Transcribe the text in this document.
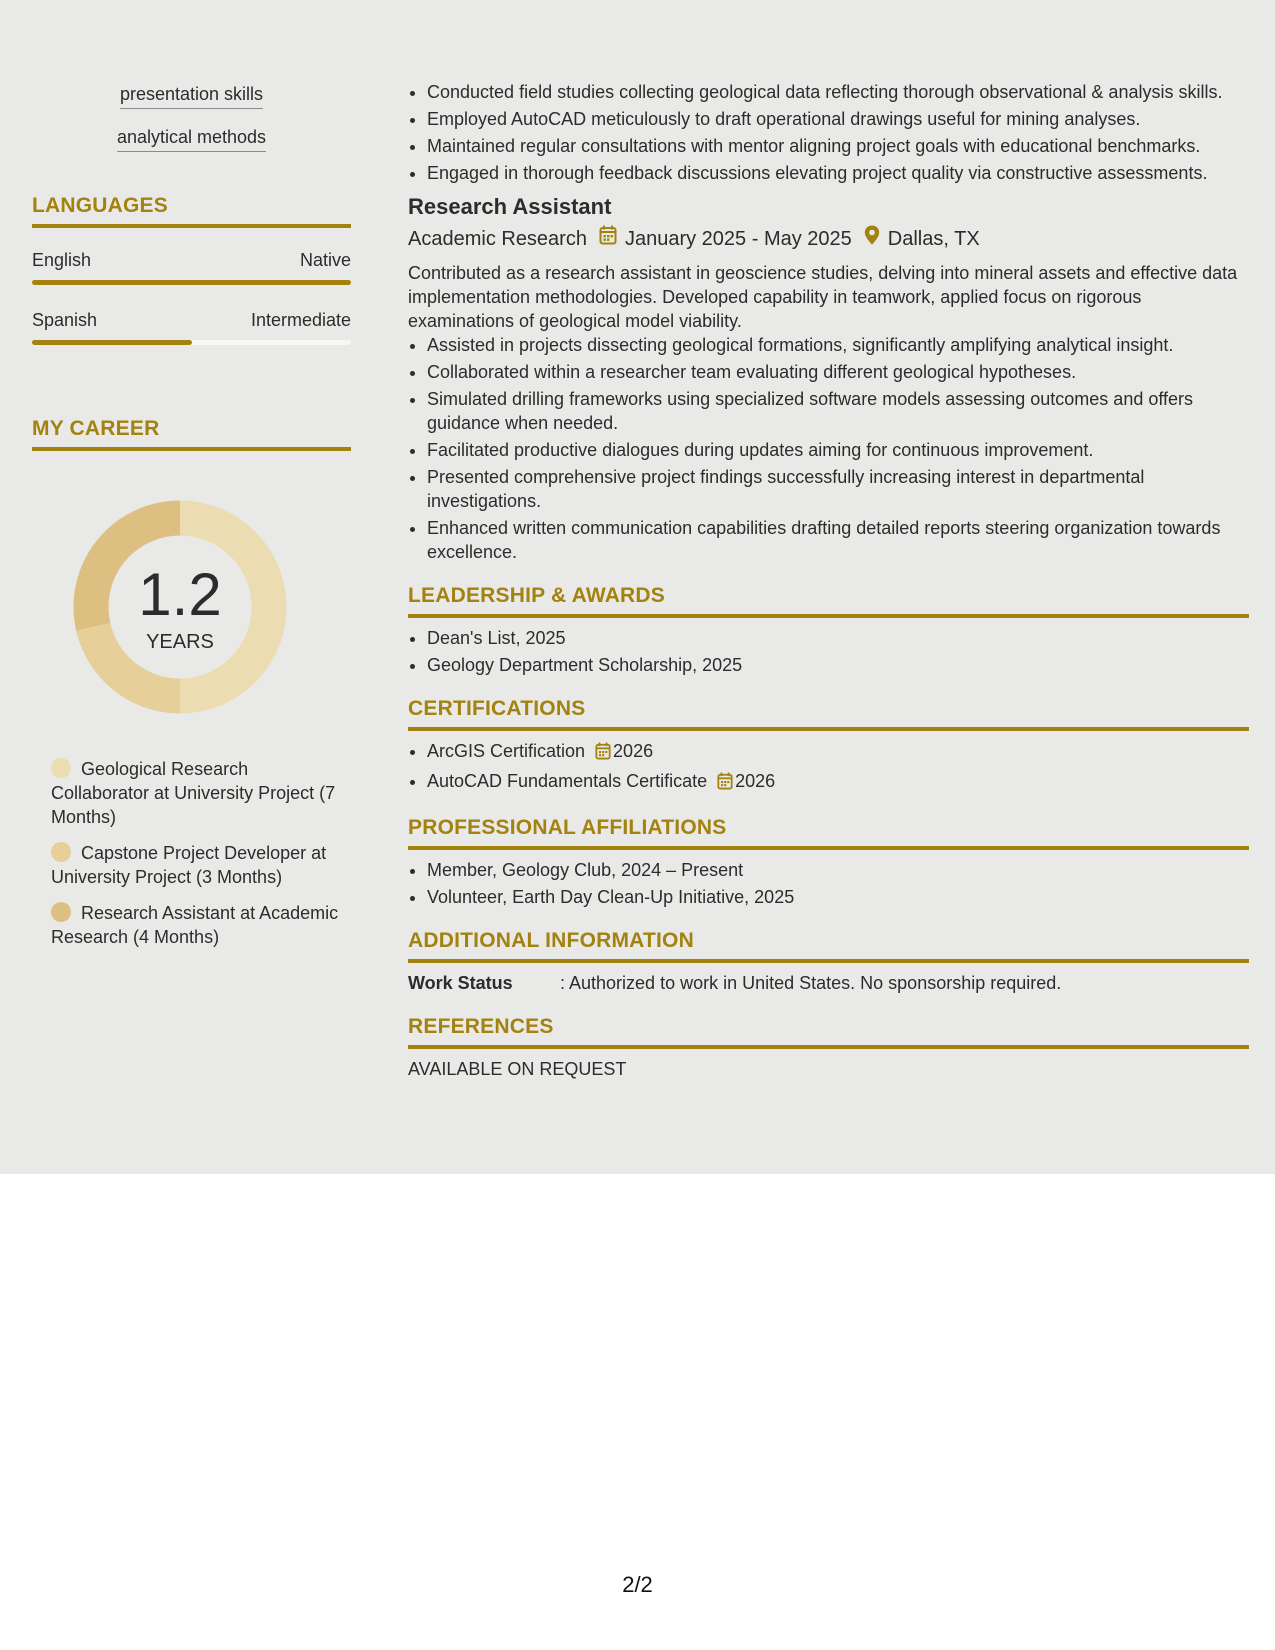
presentation skills
analytical methods
LANGUAGES
English	Native
Spanish	Intermediate
MY CAREER
1.2
YEARS
Geological Research Collaborator at University Project (7 Months)
Capstone Project Developer at University Project (3 Months)
Research Assistant at Academic Research (4 Months)
• Conducted field studies collecting geological data reflecting thorough observational & analysis skills.
• Employed AutoCAD meticulously to draft operational drawings useful for mining analyses.
• Maintained regular consultations with mentor aligning project goals with educational benchmarks.
• Engaged in thorough feedback discussions elevating project quality via constructive assessments.
Research Assistant
Academic Research January 2025 - May 2025 Dallas, TX
Contributed as a research assistant in geoscience studies, delving into mineral assets and effective data implementation methodologies. Developed capability in teamwork, applied focus on rigorous examinations of geological model viability.
• Assisted in projects dissecting geological formations, significantly amplifying analytical insight.
• Collaborated within a researcher team evaluating different geological hypotheses.
• Simulated drilling frameworks using specialized software models assessing outcomes and offers guidance when needed.
• Facilitated productive dialogues during updates aiming for continuous improvement.
• Presented comprehensive project findings successfully increasing interest in departmental investigations.
• Enhanced written communication capabilities drafting detailed reports steering organization towards excellence.
LEADERSHIP & AWARDS
• Dean's List, 2025
• Geology Department Scholarship, 2025
CERTIFICATIONS
• ArcGIS Certification 2026
• AutoCAD Fundamentals Certificate 2026
PROFESSIONAL AFFILIATIONS
• Member, Geology Club, 2024 – Present
• Volunteer, Earth Day Clean-Up Initiative, 2025
ADDITIONAL INFORMATION
Work Status	: Authorized to work in United States. No sponsorship required.
REFERENCES
AVAILABLE ON REQUEST
2/2
